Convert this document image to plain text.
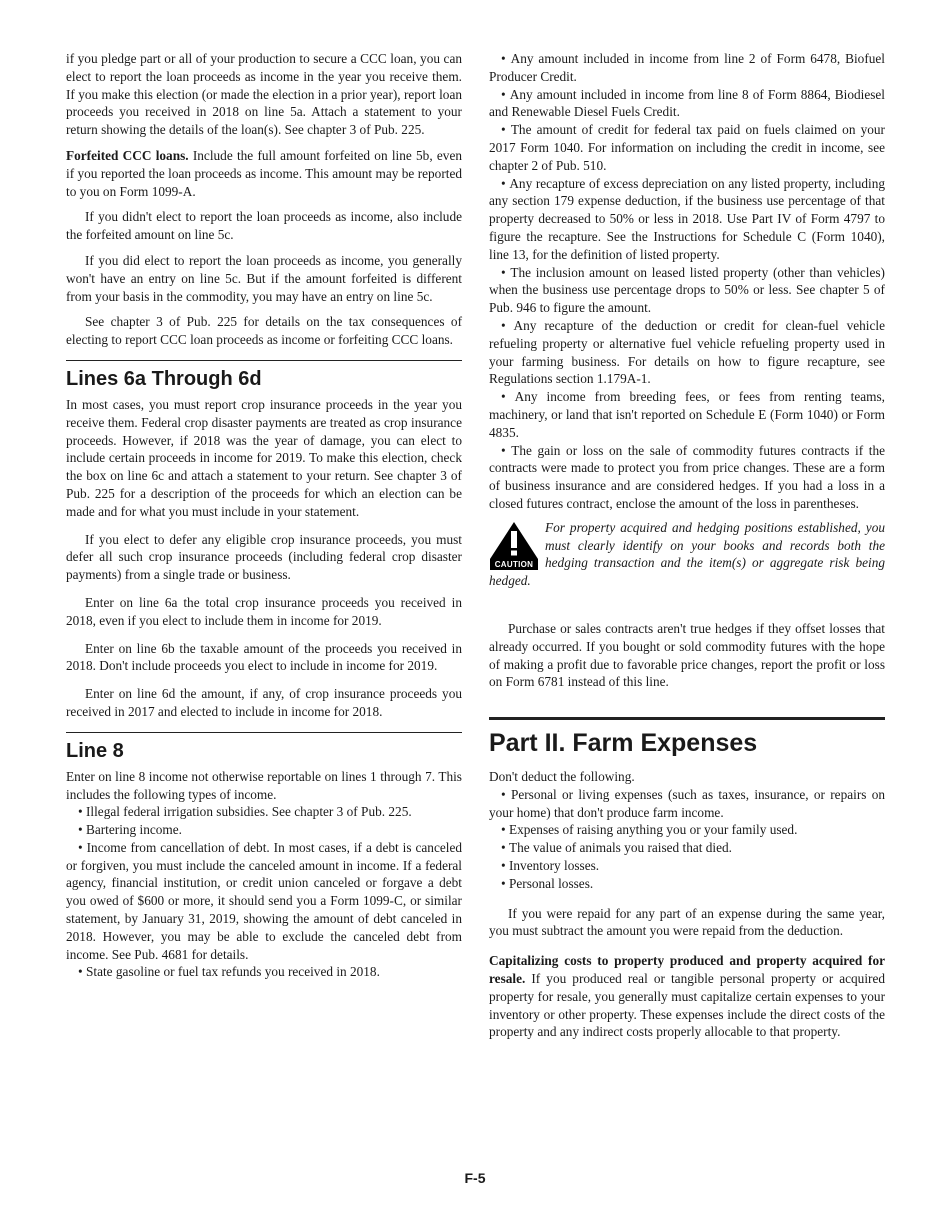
if you pledge part or all of your production to secure a CCC loan, you can elect to report the loan proceeds as income in the year you receive them. If you make this election (or made the election in a prior year), report loan proceeds you received in 2018 on line 5a. Attach a statement to your return showing the details of the loan(s). See chapter 3 of Pub. 225.

Forfeited CCC loans. Include the full amount forfeited on line 5b, even if you reported the loan proceeds as income. This amount may be reported to you on Form 1099-A.

If you didn't elect to report the loan proceeds as income, also include the forfeited amount on line 5c.

If you did elect to report the loan proceeds as income, you generally won't have an entry on line 5c. But if the amount forfeited is different from your basis in the commodity, you may have an entry on line 5c.

See chapter 3 of Pub. 225 for details on the tax consequences of electing to report CCC loan proceeds as income or forfeiting CCC loans.

Lines 6a Through 6d

In most cases, you must report crop insurance proceeds in the year you receive them. Federal crop disaster payments are treated as crop insurance proceeds. However, if 2018 was the year of damage, you can elect to include certain proceeds in income for 2019. To make this election, check the box on line 6c and attach a statement to your return. See chapter 3 of Pub. 225 for a description of the proceeds for which an election can be made and for what you must include in your statement.

If you elect to defer any eligible crop insurance proceeds, you must defer all such crop insurance proceeds (including federal crop disaster payments) from a single trade or business.

Enter on line 6a the total crop insurance proceeds you received in 2018, even if you elect to include them in income for 2019.

Enter on line 6b the taxable amount of the proceeds you received in 2018. Don't include proceeds you elect to include in income for 2019.

Enter on line 6d the amount, if any, of crop insurance proceeds you received in 2017 and elected to include in income for 2018.

Line 8

Enter on line 8 income not otherwise reportable on lines 1 through 7. This includes the following types of income.

• Illegal federal irrigation subsidies. See chapter 3 of Pub. 225.

• Bartering income.

• Income from cancellation of debt. In most cases, if a debt is canceled or forgiven, you must include the canceled amount in income. If a federal agency, financial institution, or credit union canceled or forgave a debt you owed of $600 or more, it should send you a Form 1099-C, or similar statement, by January 31, 2019, showing the amount of debt canceled in 2018. However, you may be able to exclude the canceled debt from income. See Pub. 4681 for details.

• State gasoline or fuel tax refunds you received in 2018.

• Any amount included in income from line 2 of Form 6478, Biofuel Producer Credit.

• Any amount included in income from line 8 of Form 8864, Biodiesel and Renewable Diesel Fuels Credit.

• The amount of credit for federal tax paid on fuels claimed on your 2017 Form 1040. For information on including the credit in income, see chapter 2 of Pub. 510.

• Any recapture of excess depreciation on any listed property, including any section 179 expense deduction, if the business use percentage of that property decreased to 50% or less in 2018. Use Part IV of Form 4797 to figure the recapture. See the Instructions for Schedule C (Form 1040), line 13, for the definition of listed property.

• The inclusion amount on leased listed property (other than vehicles) when the business use percentage drops to 50% or less. See chapter 5 of Pub. 946 to figure the amount.

• Any recapture of the deduction or credit for clean-fuel vehicle refueling property or alternative fuel vehicle refueling property used in your farming business. For details on how to figure recapture, see Regulations section 1.179A-1.

• Any income from breeding fees, or fees from renting teams, machinery, or land that isn't reported on Schedule E (Form 1040) or Form 4835.

• The gain or loss on the sale of commodity futures contracts if the contracts were made to protect you from price changes. These are a form of business insurance and are considered hedges. If you had a loss in a closed futures contract, enclose the amount of the loss in parentheses.

CAUTION
For property acquired and hedging positions established, you must clearly identify on your books and records both the hedging transaction and the item(s) or aggregate risk being hedged.

Purchase or sales contracts aren't true hedges if they offset losses that already occurred. If you bought or sold commodity futures with the hope of making a profit due to favorable price changes, report the profit or loss on Form 6781 instead of this line.

Part II. Farm Expenses

Don't deduct the following.

• Personal or living expenses (such as taxes, insurance, or repairs on your home) that don't produce farm income.

• Expenses of raising anything you or your family used.

• The value of animals you raised that died.

• Inventory losses.

• Personal losses.

If you were repaid for any part of an expense during the same year, you must subtract the amount you were repaid from the deduction.

Capitalizing costs to property produced and property acquired for resale. If you produced real or tangible personal property or acquired property for resale, you generally must capitalize certain expenses to your inventory or other property. These expenses include the direct costs of the property and any indirect costs properly allocable to that property.

F-5
